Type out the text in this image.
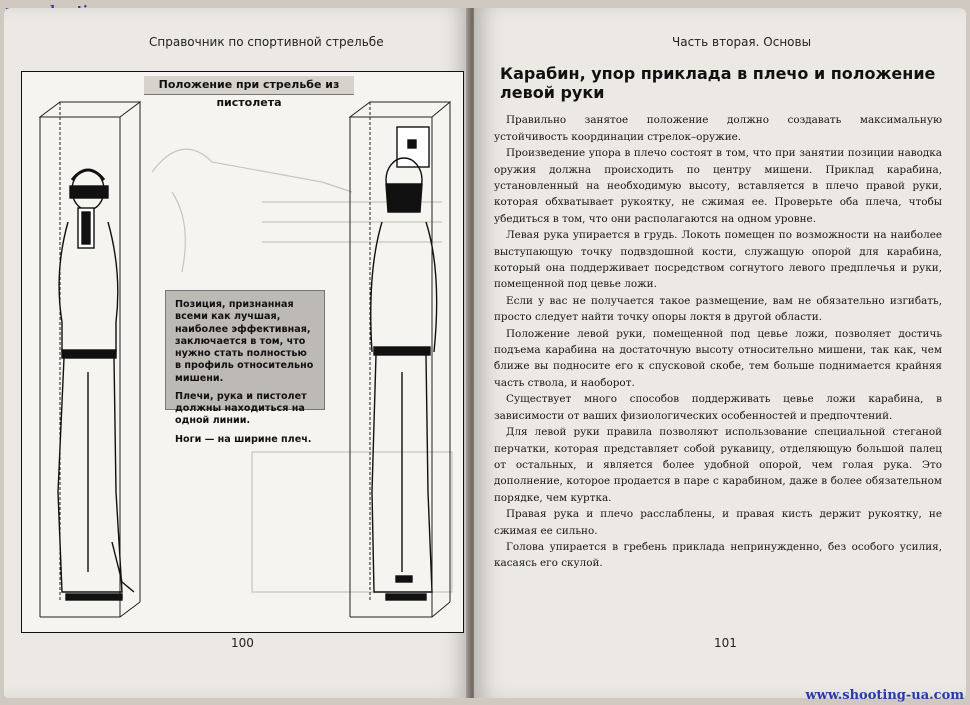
Справочник по спортивной стрельбе
Положение при стрельбе из пистолета

Позиция, признанная всеми как лучшая, наиболее эффективная, заключается в том, что нужно стать полностью в профиль относительно мишени.

Плечи, рука и пистолет должны находиться на одной линии.

Ноги — на ширине плеч.

100
Часть вторая. Основы
Карабин, упор приклада в плечо и положение левой руки

Правильно занятое положение должно создавать максимальную устойчивость координации стрелок–оружие.

Произведение упора в плечо состоят в том, что при занятии позиции наводка оружия должна происходить по центру мишени. Приклад карабина, установленный на необходимую высоту, вставляется в плечо правой руки, которая обхватывает рукоятку, не сжимая ее. Проверьте оба плеча, чтобы убедиться в том, что они располагаются на одном уровне.

Левая рука упирается в грудь. Локоть помещен по возможности на наиболее выступающую точку подвздошной кости, служащую опорой для карабина, который она поддерживает посредством согнутого левого предплечья и руки, помещенной под цевье ложи.

Если у вас не получается такое размещение, вам не обязательно изгибать, просто следует найти точку опоры локтя в другой области.

Положение левой руки, помещенной под цевье ложи, позволяет достичь подъема карабина на достаточную высоту относительно мишени, так как, чем ближе вы подносите его к спусковой скобе, тем больше поднимается крайняя часть ствола, и наоборот.

Существует много способов поддерживать цевье ложи карабина, в зависимости от ваших физиологических особенностей и предпочтений.

Для левой руки правила позволяют использование специальной стеганой перчатки, которая представляет собой рукавицу, отделяющую большой палец от остальных, и является более удобной опорой, чем голая рука. Это дополнение, которое продается в паре с карабином, даже в более обязательном порядке, чем куртка.

Правая рука и плечо расслаблены, и правая кисть держит рукоятку, не сжимая ее сильно.

Голова упирается в гребень приклада непринужденно, без особого усилия, касаясь его скулой.

101
www.shooting-ua.com
